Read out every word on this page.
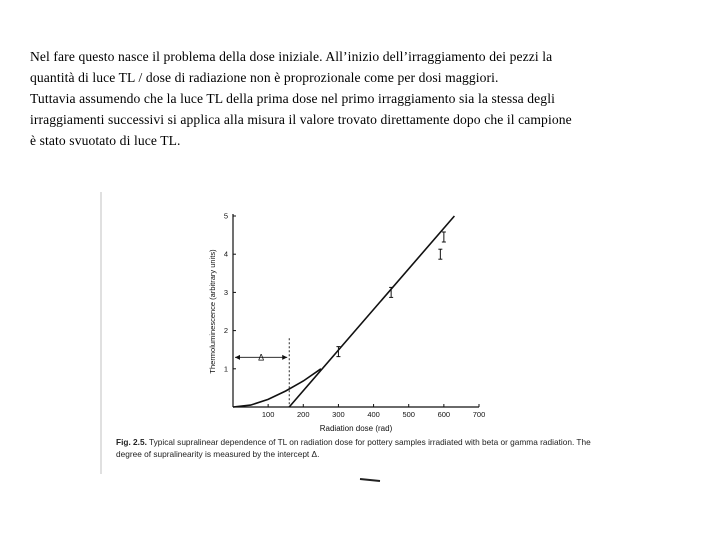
Nel fare questo nasce il problema della dose iniziale. All’inizio dell’irraggiamento dei pezzi la

quantità di luce TL / dose di radiazione non è proprozionale come per dosi maggiori.

Tuttavia assumendo che la luce TL della prima dose nel primo irraggiamento sia la stessa degli

irraggiamenti successivi si applica alla misura il valore trovato direttamente dopo che il campione

è stato svuotato di luce TL.

100	200	300	400	500	600	700
1
2
3
4
5
Δ
Radiation dose (rad)
Thermoluminescence (arbitrary units)
Fig. 2.5. Typical supralinear dependence of TL on radiation dose for pottery samples irradiated with beta or gamma radiation. The degree of supralinearity is measured by the intercept Δ.
